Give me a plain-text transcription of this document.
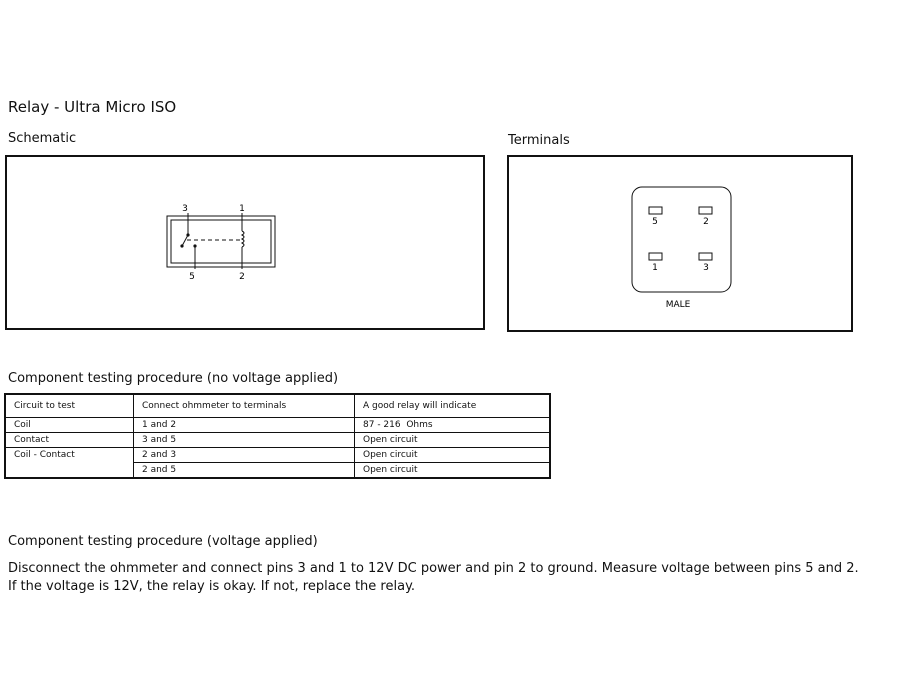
Relay - Ultra Micro ISO
Schematic
3	1
5	2
Terminals
5	2
1	3
MALE
Component testing procedure (no voltage applied)
Circuit to test	Connect ohmmeter to terminals	A good relay will indicate
Coil	1 and 2	87 - 216  Ohms
Contact	3 and 5	Open circuit
Coil - Contact	2 and 3	Open circuit
	2 and 5	Open circuit
Component testing procedure (voltage applied)
Disconnect the ohmmeter and connect pins 3 and 1 to 12V DC power and pin 2 to ground. Measure voltage between pins 5 and 2. If the voltage is 12V, the relay is okay. If not, replace the relay.
